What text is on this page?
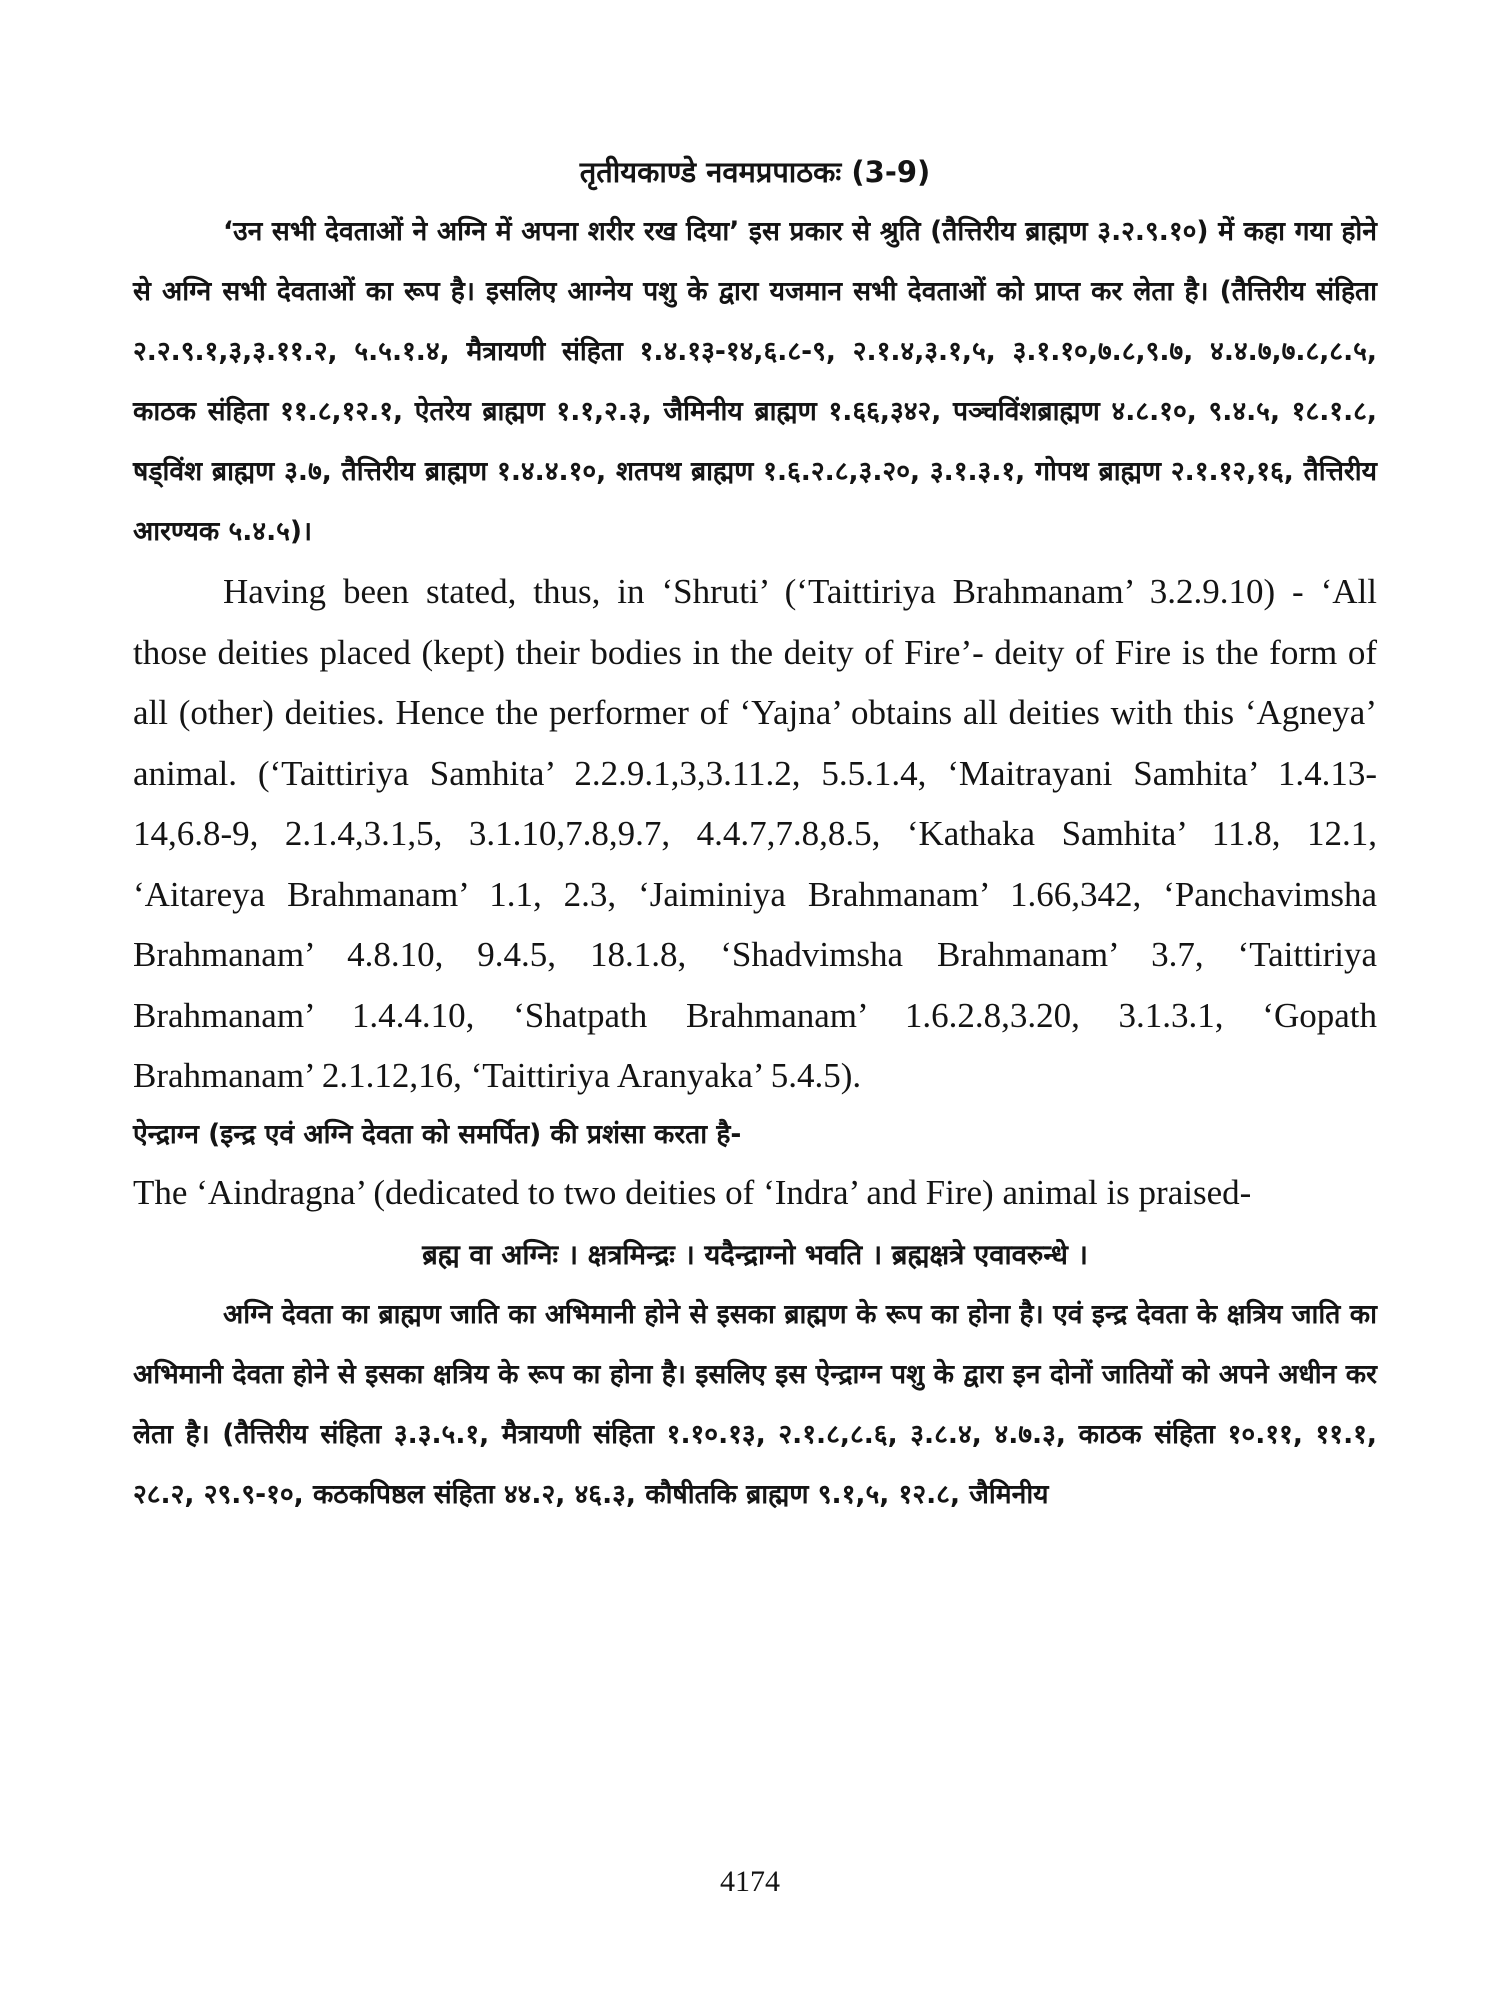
तृतीयकाण्डे नवमप्रपाठकः (3-9)

‘उन सभी देवताओं ने अग्नि में अपना शरीर रख दिया’ इस प्रकार से श्रुति (तैत्तिरीय ब्राह्मण ३.२.९.१०) में कहा गया होने से अग्नि सभी देवताओं का रूप है। इसलिए आग्नेय पशु के द्वारा यजमान सभी देवताओं को प्राप्त कर लेता है। (तैत्तिरीय संहिता २.२.९.१,३,३.११.२, ५.५.१.४, मैत्रायणी संहिता १.४.१३-१४,६.८-९, २.१.४,३.१,५, ३.१.१०,७.८,९.७, ४.४.७,७.८,८.५, काठक संहिता ११.८,१२.१, ऐतरेय ब्राह्मण १.१,२.३, जैमिनीय ब्राह्मण १.६६,३४२, पञ्चविंशब्राह्मण ४.८.१०, ९.४.५, १८.१.८, षड्विंश ब्राह्मण ३.७, तैत्तिरीय ब्राह्मण १.४.४.१०, शतपथ ब्राह्मण १.६.२.८,३.२०, ३.१.३.१, गोपथ ब्राह्मण २.१.१२,१६, तैत्तिरीय आरण्यक ५.४.५)।

Having been stated, thus, in ‘Shruti’ (‘Taittiriya Brahmanam’ 3.2.9.10) - ‘All those deities placed (kept) their bodies in the deity of Fire’- deity of Fire is the form of all (other) deities. Hence the performer of ‘Yajna’ obtains all deities with this ‘Agneya’ animal. (‘Taittiriya Samhita’ 2.2.9.1,3,3.11.2, 5.5.1.4, ‘Maitrayani Samhita’ 1.4.13-14,6.8-9, 2.1.4,3.1,5, 3.1.10,7.8,9.7, 4.4.7,7.8,8.5, ‘Kathaka Samhita’ 11.8, 12.1, ‘Aitareya Brahmanam’ 1.1, 2.3, ‘Jaiminiya Brahmanam’ 1.66,342, ‘Panchavimsha Brahmanam’ 4.8.10, 9.4.5, 18.1.8, ‘Shadvimsha Brahmanam’ 3.7, ‘Taittiriya Brahmanam’ 1.4.4.10, ‘Shatpath Brahmanam’ 1.6.2.8,3.20, 3.1.3.1, ‘Gopath Brahmanam’ 2.1.12,16, ‘Taittiriya Aranyaka’ 5.4.5).

ऐन्द्राग्न (इन्द्र एवं अग्नि देवता को समर्पित) की प्रशंसा करता है-

The ‘Aindragna’ (dedicated to two deities of ‘Indra’ and Fire) animal is praised-

ब्रह्म वा अग्निः । क्षत्रमिन्द्रः । यदैन्द्राग्नो भवति । ब्रह्मक्षत्रे एवावरुन्धे ।

अग्नि देवता का ब्राह्मण जाति का अभिमानी होने से इसका ब्राह्मण के रूप का होना है। एवं इन्द्र देवता के क्षत्रिय जाति का अभिमानी देवता होने से इसका क्षत्रिय के रूप का होना है। इसलिए इस ऐन्द्राग्न पशु के द्वारा इन दोनों जातियों को अपने अधीन कर लेता है। (तैत्तिरीय संहिता ३.३.५.१, मैत्रायणी संहिता १.१०.१३, २.१.८,८.६, ३.८.४, ४.७.३, काठक संहिता १०.११, ११.१, २८.२, २९.९-१०, कठकपिष्ठल संहिता ४४.२, ४६.३, कौषीतकि ब्राह्मण ९.१,५, १२.८, जैमिनीय

4174
